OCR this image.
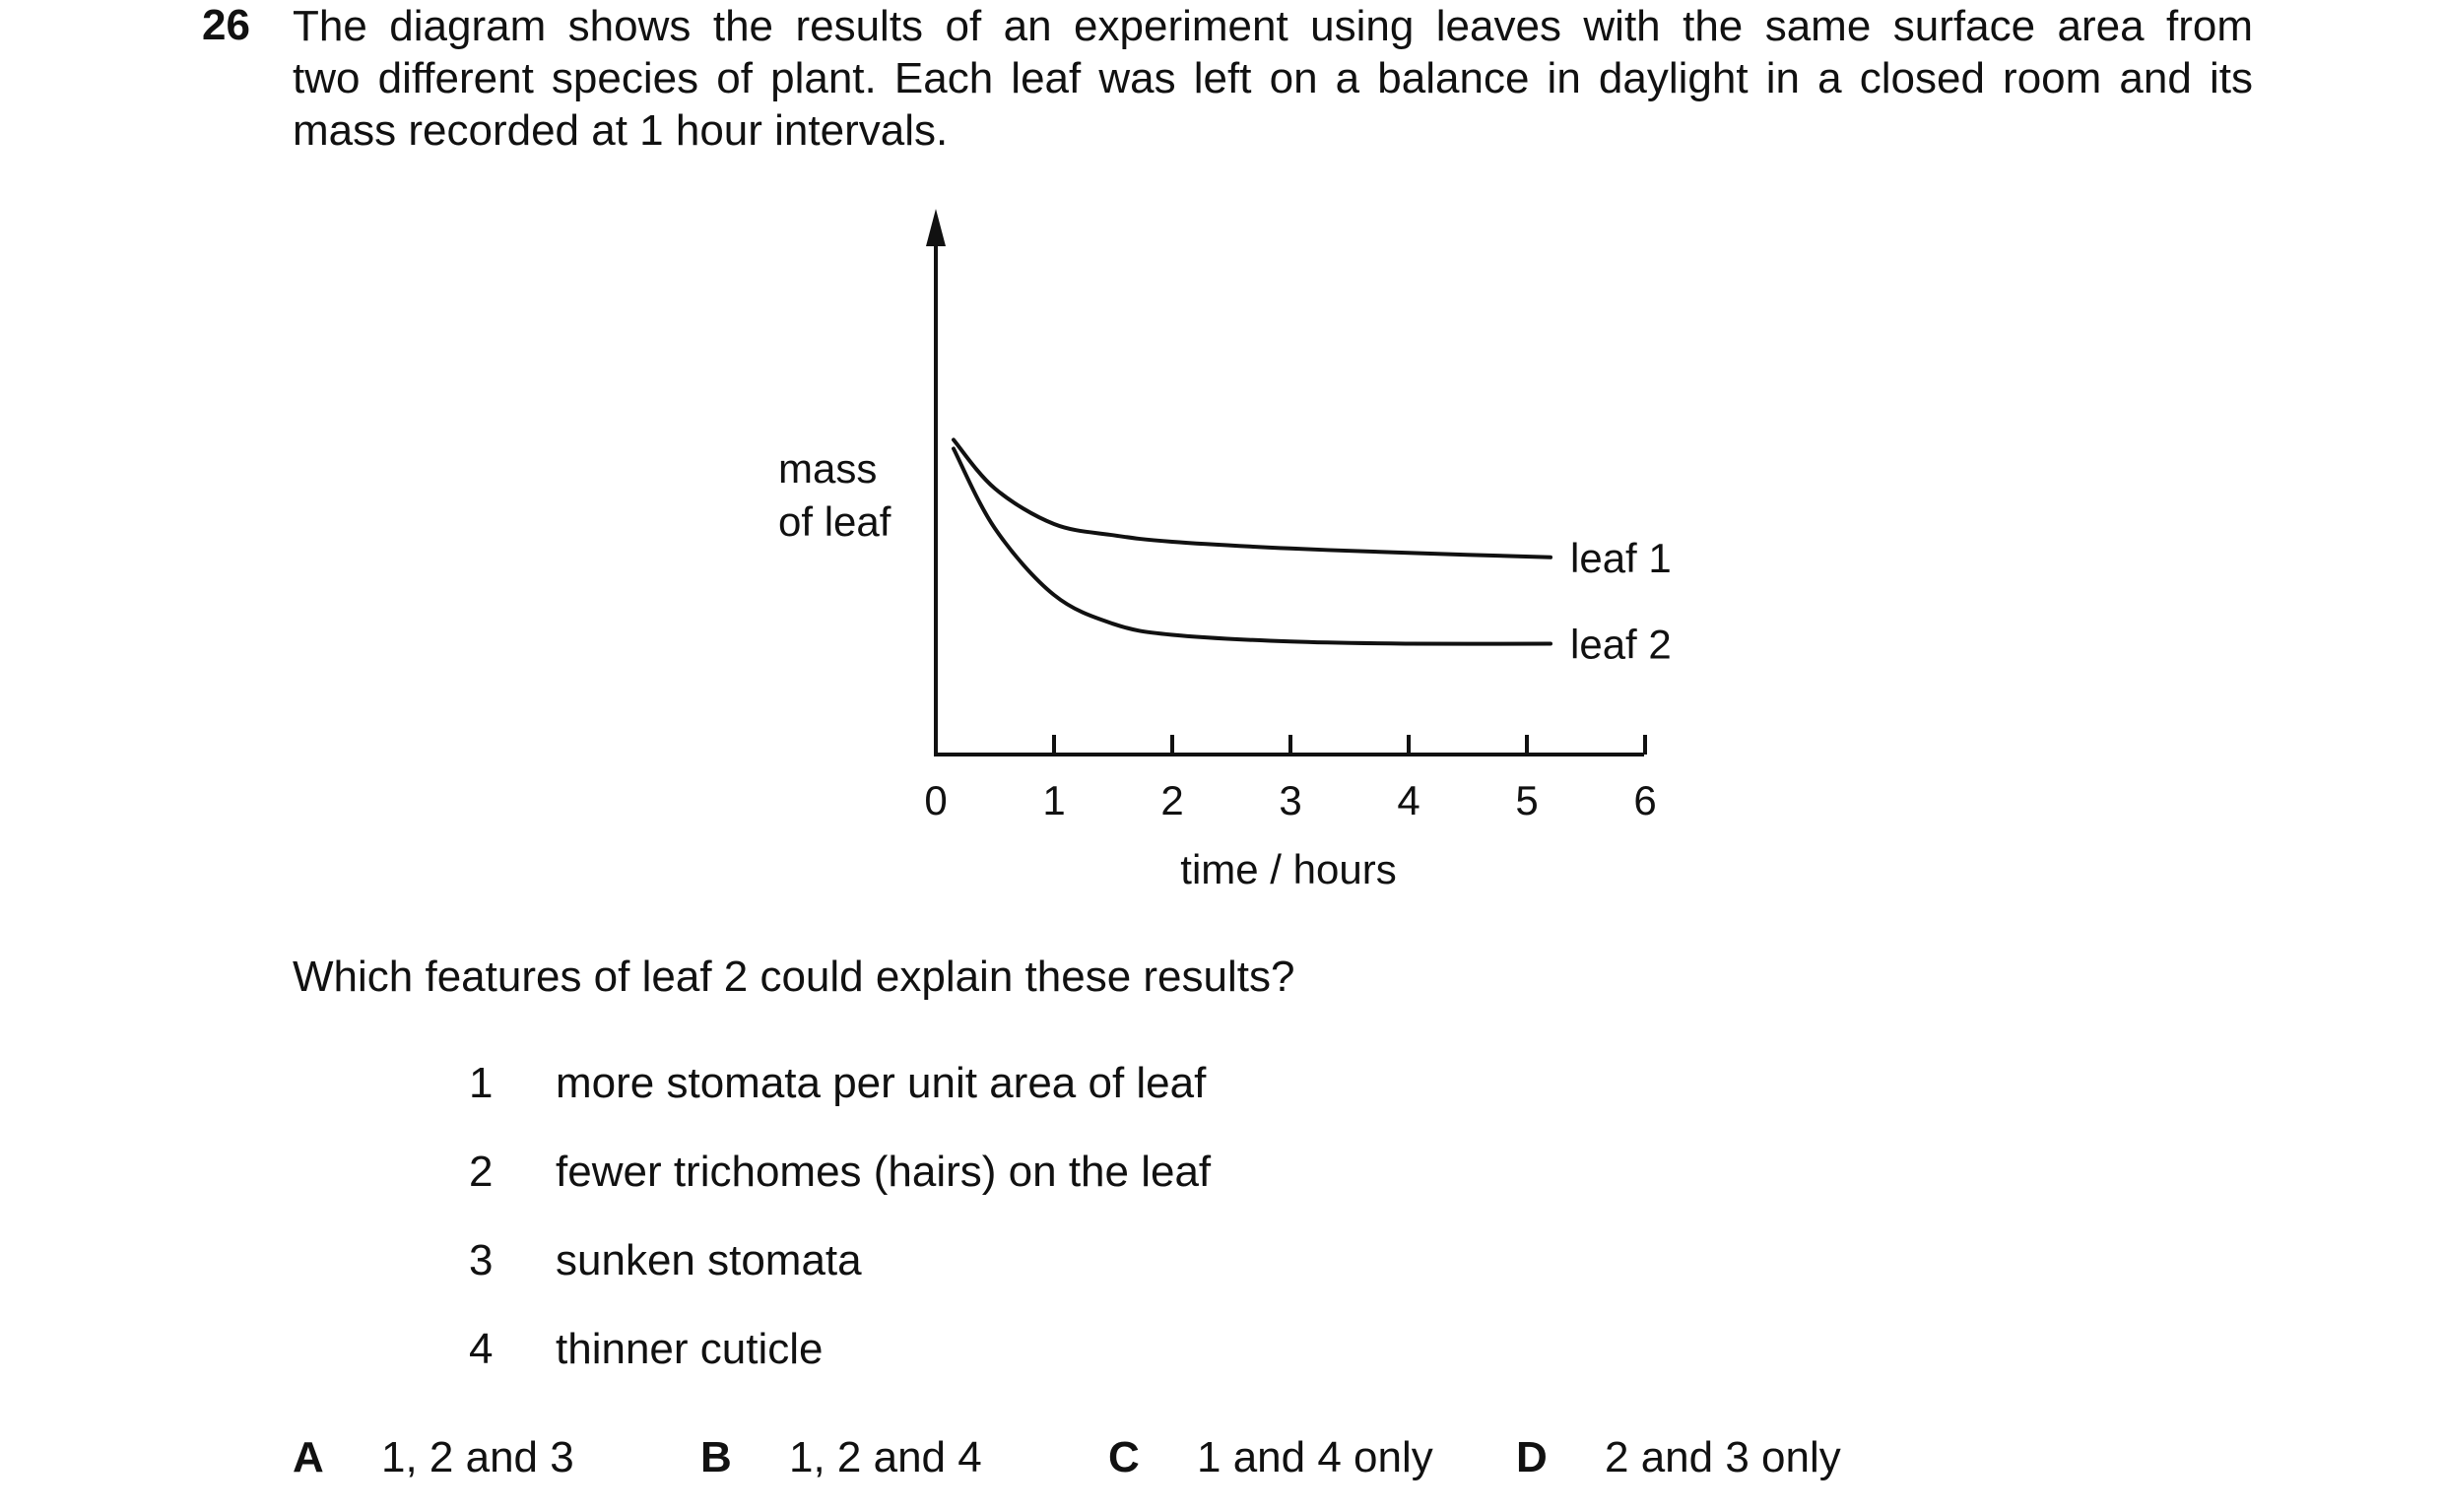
26 The diagram shows the results of an experiment using leaves with the same surface area from
two different species of plant. Each leaf was left on a balance in daylight in a closed room and its
mass recorded at 1 hour intervals.
0 1 2 3 4 5 6
leaf 1
leaf 2
mass
of leaf
time / hours
Which features of leaf 2 could explain these results?
1 more stomata per unit area of leaf
2 fewer trichomes (hairs) on the leaf
3 sunken stomata
4 thinner cuticle
A 1, 2 and 3	B 1, 2 and 4	C 1 and 4 only D 2 and 3 only
